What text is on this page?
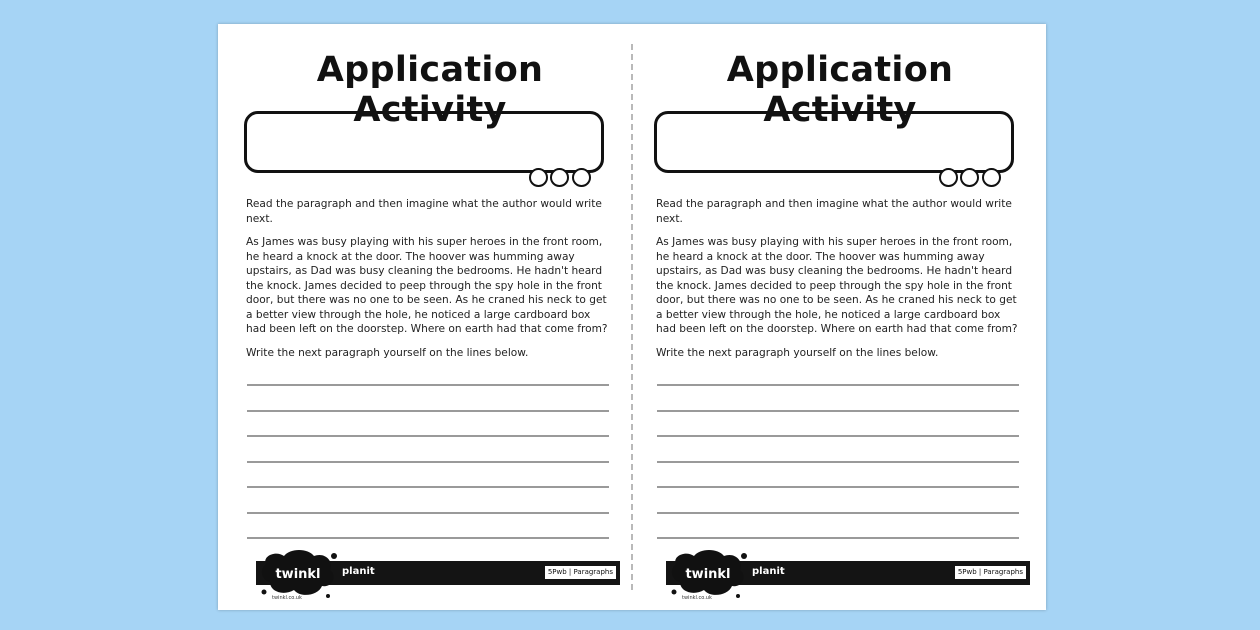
Application Activity

Read the paragraph and then imagine what the author would write next.

As James was busy playing with his super heroes in the front room, he heard a knock at the door. The hoover was humming away upstairs, as Dad was busy cleaning the bedrooms. He hadn't heard the knock. James decided to peep through the spy hole in the front door, but there was no one to be seen. As he craned his neck to get a better view through the hole, he noticed a large cardboard box had been left on the doorstep. Where on earth had that come from?

Write the next paragraph yourself on the lines below.

planit	5Pwb | Paragraphs
twinkl
twinkl.co.uk
Application Activity

Read the paragraph and then imagine what the author would write next.

As James was busy playing with his super heroes in the front room, he heard a knock at the door. The hoover was humming away upstairs, as Dad was busy cleaning the bedrooms. He hadn't heard the knock. James decided to peep through the spy hole in the front door, but there was no one to be seen. As he craned his neck to get a better view through the hole, he noticed a large cardboard box had been left on the doorstep. Where on earth had that come from?

Write the next paragraph yourself on the lines below.

planit	5Pwb | Paragraphs
twinkl
twinkl.co.uk
